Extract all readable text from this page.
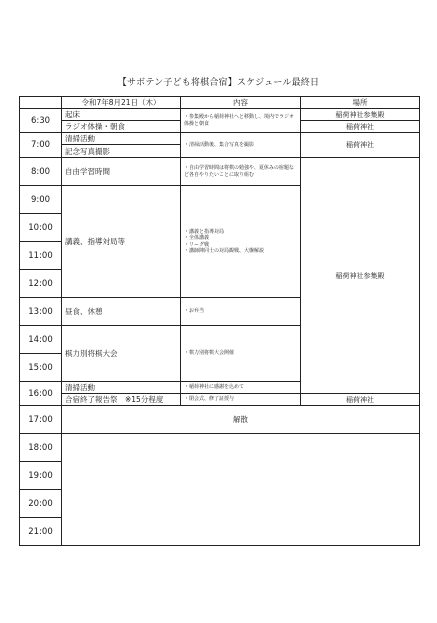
【サボテン子ども将棋合宿】スケジュール最終日
	令和7年8月21日（木）	内容	場所
6:30	起床	・参集殿から稲荷神社へと移動し、境内でラジオ体操と朝食	稲荷神社参集殿
	ラジオ体操・朝食		稲荷神社
7:00	清掃活動	・清掃活動後、集合写真を撮影	稲荷神社
	記念写真撮影		
8:00	自由学習時間	・自由学習時間は将棋の勉強や、夏休みの宿題など各自やりたいことに取り組む	稲荷神社参集殿
9:00	講義、指導対局等	・講義と指導対局
・全体講義
・リーグ戦
・講師陣同士の対局観戦、大盤解説	

10:00			
11:00			
12:00			
13:00	昼食、休憩	・お弁当	
14:00	棋力別将棋大会	・棋力別将棋大会開催	
15:00			
16:00	清掃活動	・稲荷神社に感謝を込めて	
	合宿終了報告祭　※15分程度	・閉会式、修了証授与	稲荷神社
17:00	解散		
18:00			
19:00			
20:00			
21:00			
